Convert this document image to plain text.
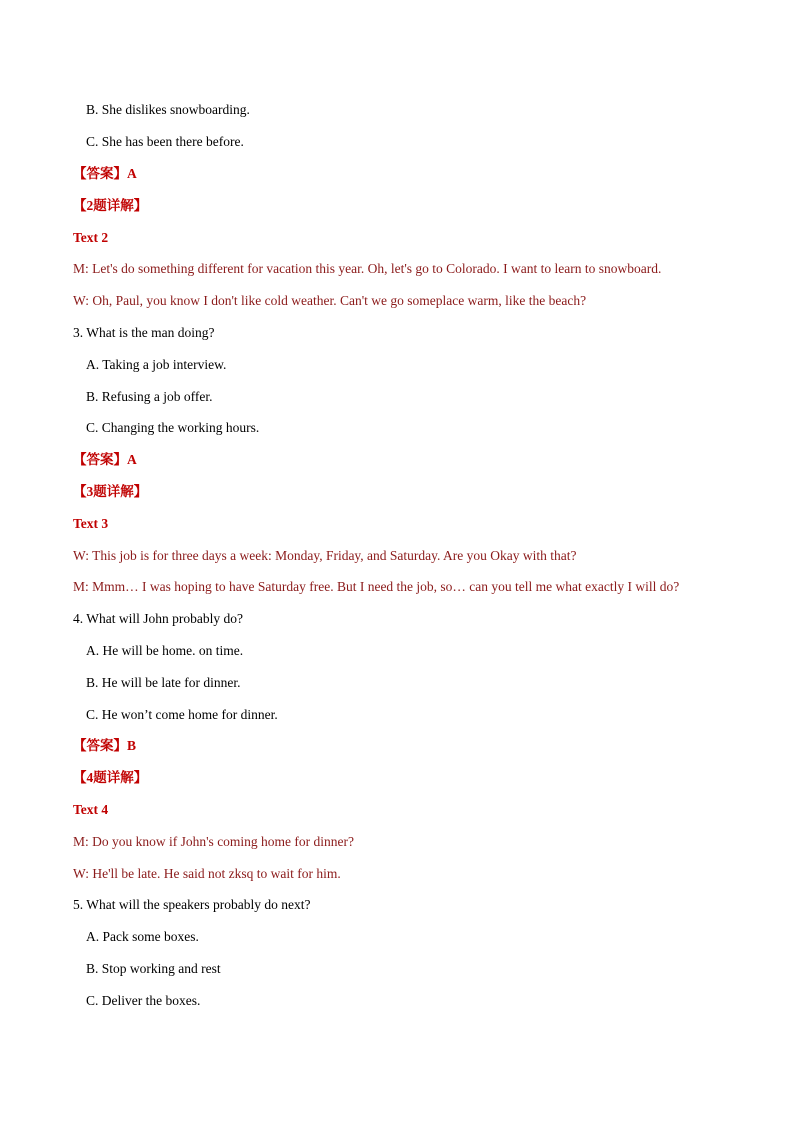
B. She dislikes snowboarding.
C. She has been there before.
【答案】A
【2题详解】
Text 2
M: Let's do something different for vacation this year. Oh, let's go to Colorado. I want to learn to snowboard.
W: Oh, Paul, you know I don't like cold weather. Can't we go someplace warm, like the beach?
3. What is the man doing?
A. Taking a job interview.
B. Refusing a job offer.
C. Changing the working hours.
【答案】A
【3题详解】
Text 3
W: This job is for three days a week: Monday, Friday, and Saturday. Are you Okay with that?
M: Mmm… I was hoping to have Saturday free. But I need the job, so… can you tell me what exactly I will do?
4. What will John probably do?
A. He will be home. on time.
B. He will be late for dinner.
C. He won’t come home for dinner.
【答案】B
【4题详解】
Text 4
M: Do you know if John's coming home for dinner?
W: He'll be late. He said not zksq to wait for him.
5. What will the speakers probably do next?
A. Pack some boxes.
B. Stop working and rest
C. Deliver the boxes.
